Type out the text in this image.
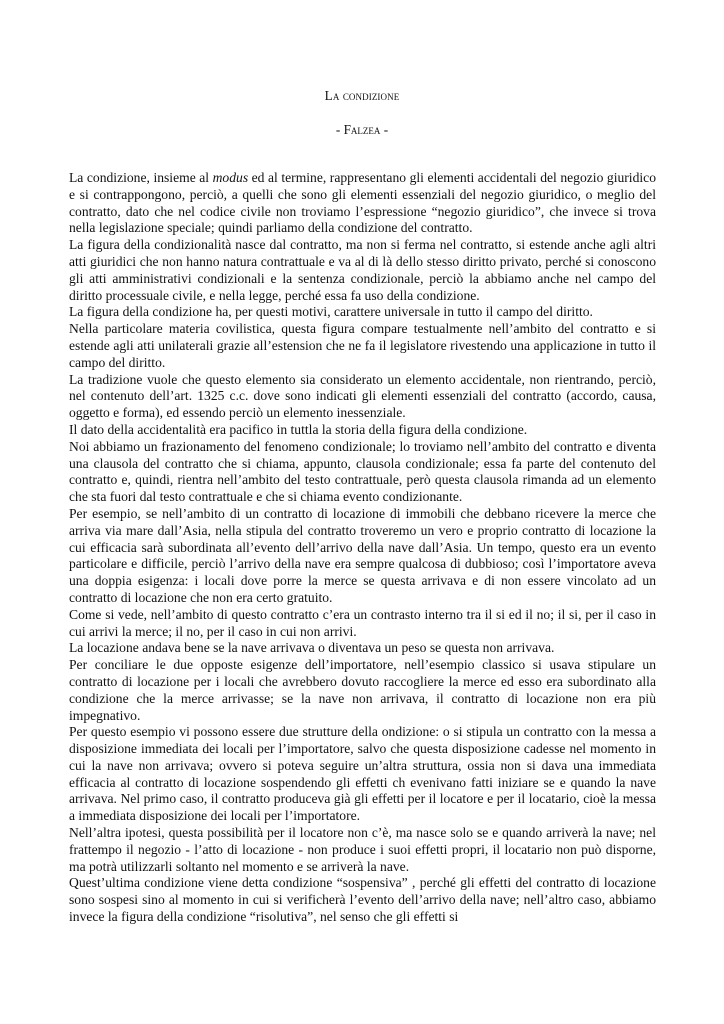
La condizione
- Falzea -

La condizione, insieme al modus ed al termine, rappresentano gli elementi accidentali del negozio giuridico e si contrappongono, perciò, a quelli che sono gli elementi essenziali del negozio giuridico, o meglio del contratto, dato che nel codice civile non troviamo l’espressione “negozio giuridico”, che invece si trova nella legislazione speciale; quindi parliamo della condizione del contratto.

La figura della condizionalità nasce dal contratto, ma non si ferma nel contratto, si estende anche agli altri atti giuridici che non hanno natura contrattuale e va al di là dello stesso diritto privato, perché si conoscono gli atti amministrativi condizionali e la sentenza condizionale, perciò la abbiamo anche nel campo del diritto processuale civile, e nella legge, perché essa fa uso della condizione.

La figura della condizione ha, per questi motivi, carattere universale in tutto il campo del diritto.

Nella particolare materia covilistica, questa figura compare testualmente nell’ambito del contratto e si estende agli atti unilaterali grazie all’estension che ne fa il legislatore rivestendo una applicazione in tutto il campo del diritto.

La tradizione vuole che questo elemento sia considerato un elemento accidentale, non rientrando, perciò, nel contenuto dell’art. 1325 c.c. dove sono indicati gli elementi essenziali del contratto (accordo, causa, oggetto e forma), ed essendo perciò un elemento inessenziale.

Il dato della accidentalità era pacifico in tuttla la storia della figura della condizione.

Noi abbiamo un frazionamento del fenomeno condizionale; lo troviamo nell’ambito del contratto e diventa una clausola del contratto che si chiama, appunto, clausola condizionale; essa fa parte del contenuto del contratto e, quindi, rientra nell’ambito del testo contrattuale, però questa clausola rimanda ad un elemento che sta fuori dal testo contrattuale e che si chiama evento condizionante.

Per esempio, se nell’ambito di un contratto di locazione di immobili che debbano ricevere la merce che arriva via mare dall’Asia, nella stipula del contratto troveremo un vero e proprio contratto di locazione la cui efficacia sarà subordinata all’evento dell’arrivo della nave dall’Asia. Un tempo, questo era un evento particolare e difficile, perciò l’arrivo della nave era sempre qualcosa di dubbioso; così l’importatore aveva una doppia esigenza: i locali dove porre la merce se questa arrivava e di non essere vincolato ad un contratto di locazione che non era certo gratuito.

Come si vede, nell’ambito di questo contratto c’era un contrasto interno tra il si ed il no; il si, per il caso in cui arrivi la merce; il no, per il caso in cui non arrivi.

La locazione andava bene se la nave arrivava o diventava un peso se questa non arrivava.

Per conciliare le due opposte esigenze dell’importatore, nell’esempio classico si usava stipulare un contratto di locazione per i locali che avrebbero dovuto raccogliere la merce ed esso era subordinato alla condizione che la merce arrivasse; se la nave non arrivava, il contratto di locazione non era più impegnativo.

Per questo esempio vi possono essere due strutture della ondizione: o si stipula un contratto con la messa a disposizione immediata dei locali per l’importatore, salvo che questa disposizione cadesse nel momento in cui la nave non arrivava; ovvero si poteva seguire un’altra struttura, ossia non si dava una immediata efficacia al contratto di locazione sospendendo gli effetti ch evenivano fatti iniziare se e quando la nave arrivava. Nel primo caso, il contratto produceva già gli effetti per il locatore e per il locatario, cioè la messa a immediata disposizione dei locali per l’importatore.

Nell’altra ipotesi, questa possibilità per il locatore non c’è, ma nasce solo se e quando arriverà la nave; nel frattempo il negozio - l’atto di locazione - non produce i suoi effetti propri, il locatario non può disporne, ma potrà utilizzarli soltanto nel momento e se arriverà la nave.

Quest’ultima condizione viene detta condizione “sospensiva” , perché gli effetti del contratto di locazione sono sospesi sino al momento in cui si verificherà l’evento dell’arrivo della nave; nell’altro caso, abbiamo invece la figura della condizione “risolutiva”, nel senso che gli effetti si
